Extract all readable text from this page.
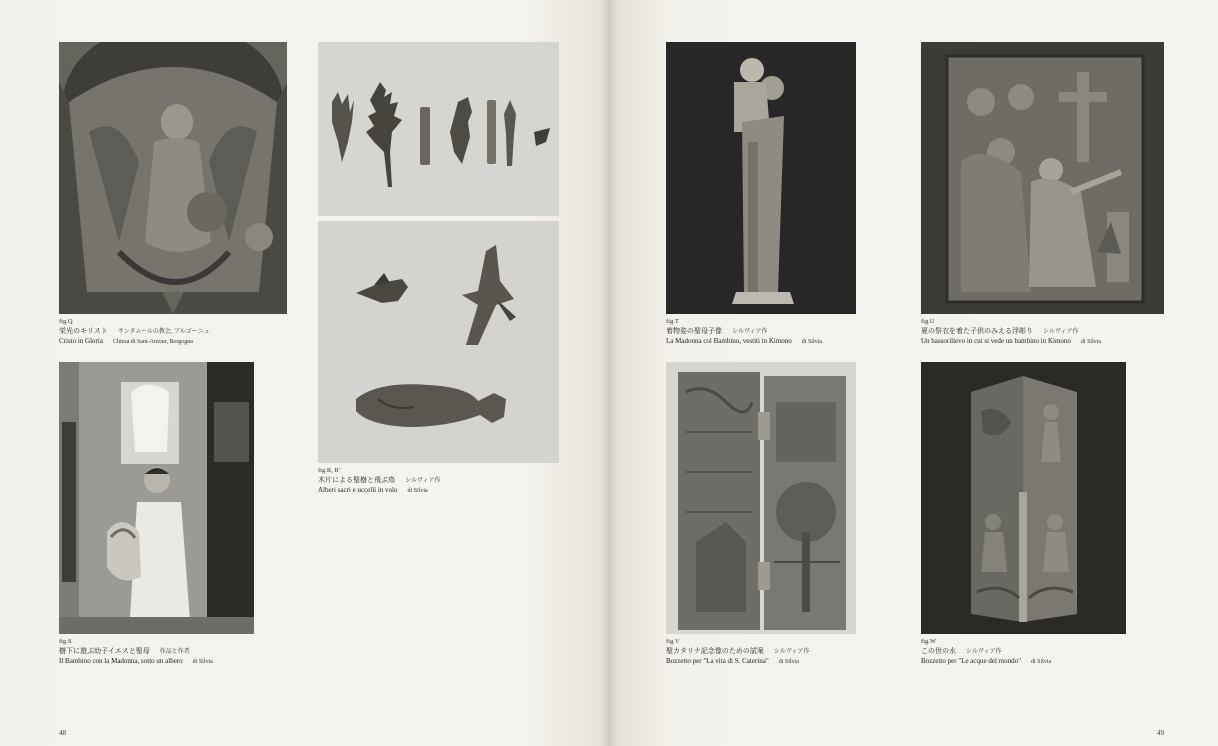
fig.Q
栄光のキリスト サンタムールの教会, ブルゴーニュ
Cristo in Gloria Chiesa di Sant-Amour, Borgogna
fig.S
樹下に遊ぶ幼子イエスと聖母 作品と作者
Il Bambino con la Madonna, sotto un albero di Silvia
fig.R, R'
木片による聖樹と飛ぶ鳥 シルヴィア作
Alberi sacri e uccelli in volo di Silvia
fig.T
着物姿の聖母子像 シルヴィア作
La Madonna col Bambino, vestiti in Kimono di Silvia
fig.U
夏の祭衣を着た子供のみえる浮彫り シルヴィア作
Un bassorilievo in cui si vede un bambino in Kimono di Silvia
fig.V
聖カタリナ記念像のための試案 シルヴィア作
Bozzetto per "La vita di S. Caterina" di Silvia
fig.W
この世の水 シルヴィア作
Bozzetto per "Le acque del mondo" di Silvia
48	49
